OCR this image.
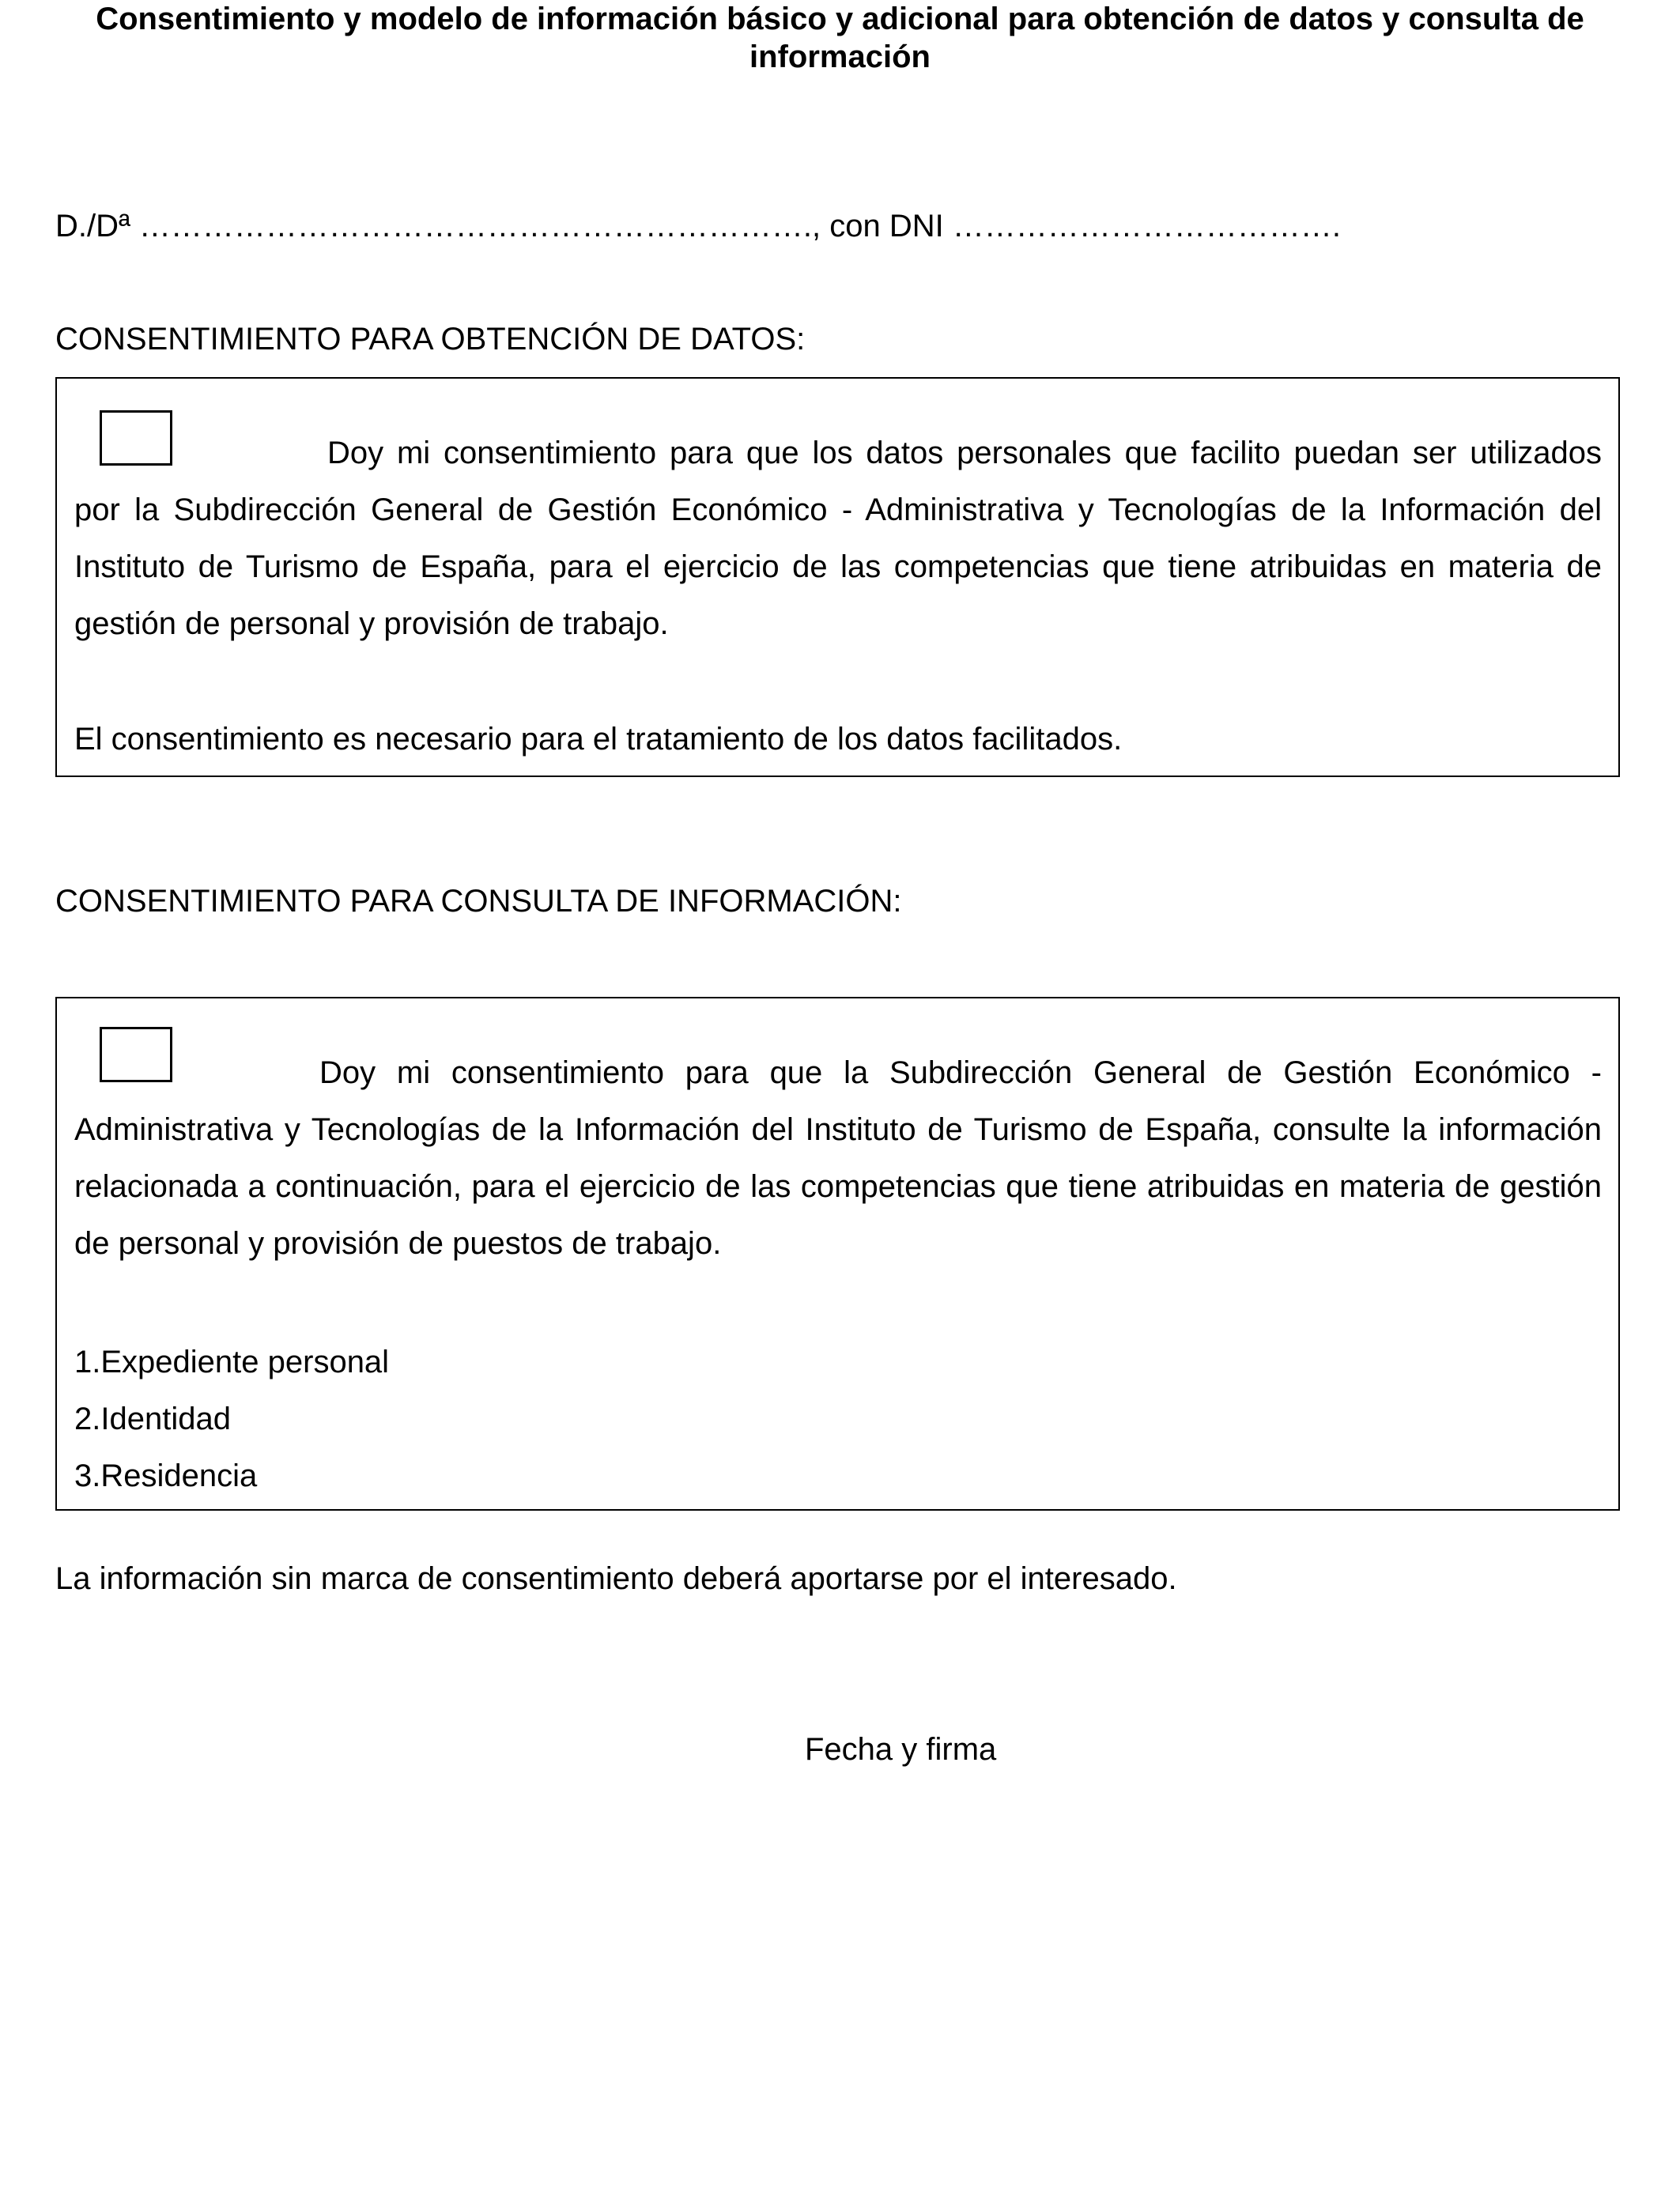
Consentimiento y modelo de información básico y adicional para obtención de datos y consulta de información
D./Dª ………………………………………………………., con DNI ……………………………….
CONSENTIMIENTO PARA OBTENCIÓN DE DATOS:

Doy mi consentimiento para que los datos personales que facilito puedan ser utilizados por la Subdirección General de Gestión Económico - Administrativa y Tecnologías de la Información del Instituto de Turismo de España, para el ejercicio de las competencias que tiene atribuidas en materia de gestión de personal y provisión de trabajo.

El consentimiento es necesario para el tratamiento de los datos facilitados.
CONSENTIMIENTO PARA CONSULTA DE INFORMACIÓN:

Doy mi consentimiento para que la Subdirección General de Gestión Económico - Administrativa y Tecnologías de la Información del Instituto de Turismo de España, consulte la información relacionada a continuación, para el ejercicio de las competencias que tiene atribuidas en materia de gestión de personal y provisión de puestos de trabajo.

1.Expediente personal
2.Identidad
3.Residencia
La información sin marca de consentimiento deberá aportarse por el interesado.
Fecha y firma
